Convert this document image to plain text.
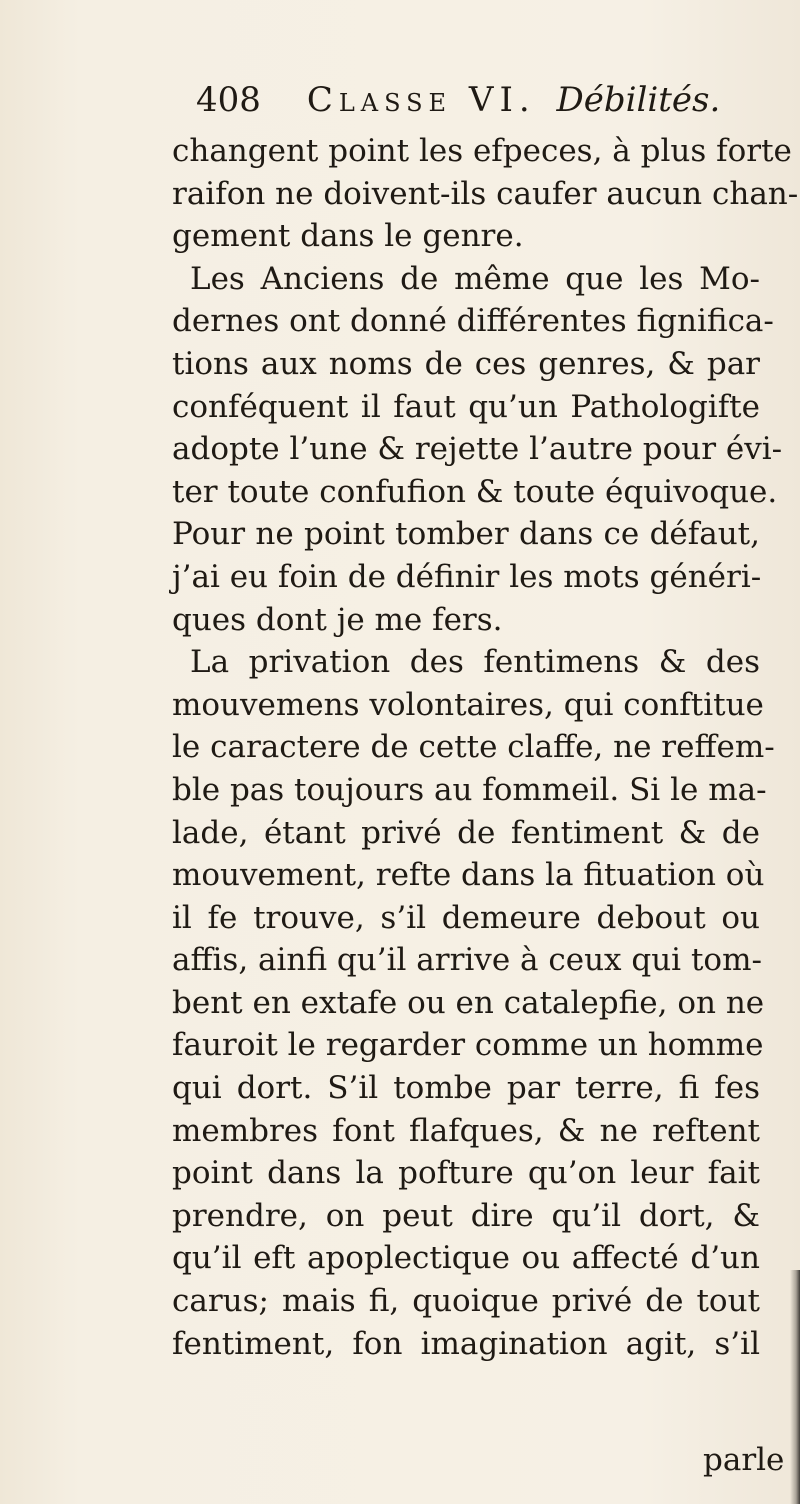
408 Classe VI. Débilités.
changent point les efpeces, à plus forte
raifon ne doivent-ils caufer aucun chan-
gement dans le genre.
Les Anciens de même que les Mo-
dernes ont donné différentes fignifica-
tions aux noms de ces genres, & par
conféquent il faut qu’un Pathologifte
adopte l’une & rejette l’autre pour évi-
ter toute confufion & toute équivoque.
Pour ne point tomber dans ce défaut,
j’ai eu foin de définir les mots généri-
ques dont je me fers.
La privation des fentimens & des
mouvemens volontaires, qui conftitue
le caractere de cette claffe, ne reffem-
ble pas toujours au fommeil. Si le ma-
lade, étant privé de fentiment & de
mouvement, refte dans la fituation où
il fe trouve, s’il demeure debout ou
affis, ainfi qu’il arrive à ceux qui tom-
bent en extafe ou en catalepfie, on ne
fauroit le regarder comme un homme
qui dort. S’il tombe par terre, fi fes
membres font flafques, & ne reftent
point dans la pofture qu’on leur fait
prendre, on peut dire qu’il dort, &
qu’il eft apoplectique ou affecté d’un
carus; mais fi, quoique privé de tout
fentiment, fon imagination agit, s’il
parle
